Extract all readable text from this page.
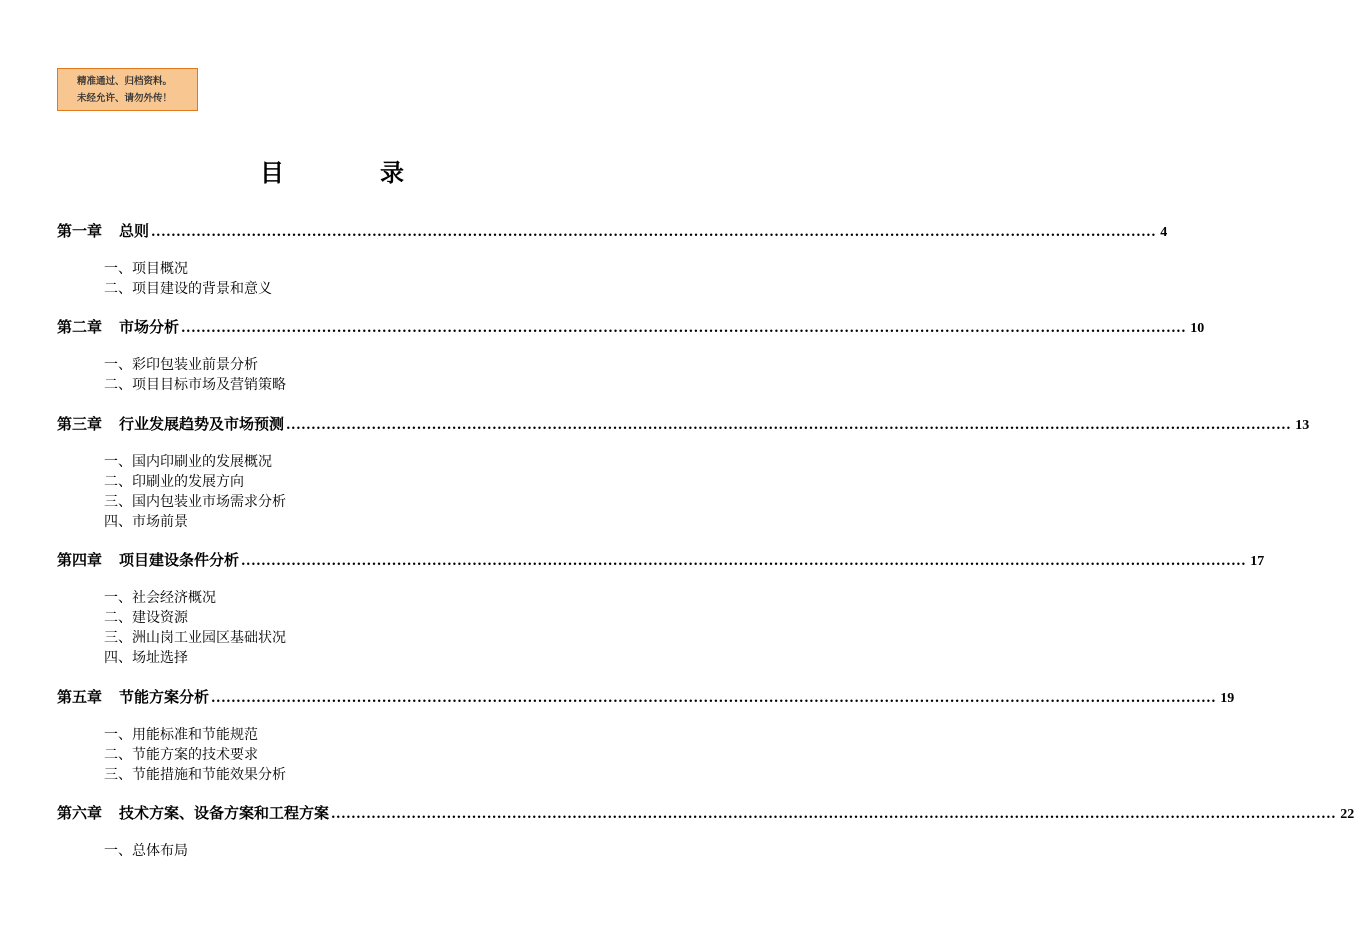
精准通过、归档资料。
未经允许、请勿外传！
目	录
第一章	总则 ........................................................................................................................................................................................................ 4
一、项目概况
二、项目建设的背景和意义
第二章	市场分析 ........................................................................................................................................................................................................ 10
一、彩印包装业前景分析
二、项目目标市场及营销策略
第三章	行业发展趋势及市场预测 ........................................................................................................................................................................................................ 13
一、国内印刷业的发展概况
二、印刷业的发展方向
三、国内包装业市场需求分析
四、市场前景
第四章	项目建设条件分析 ........................................................................................................................................................................................................ 17
一、社会经济概况
二、建设资源
三、洲山岗工业园区基础状况
四、场址选择
第五章	节能方案分析 ........................................................................................................................................................................................................ 19
一、用能标准和节能规范
二、节能方案的技术要求
三、节能措施和节能效果分析
第六章	技术方案、设备方案和工程方案 ........................................................................................................................................................................................................ 22
一、总体布局
